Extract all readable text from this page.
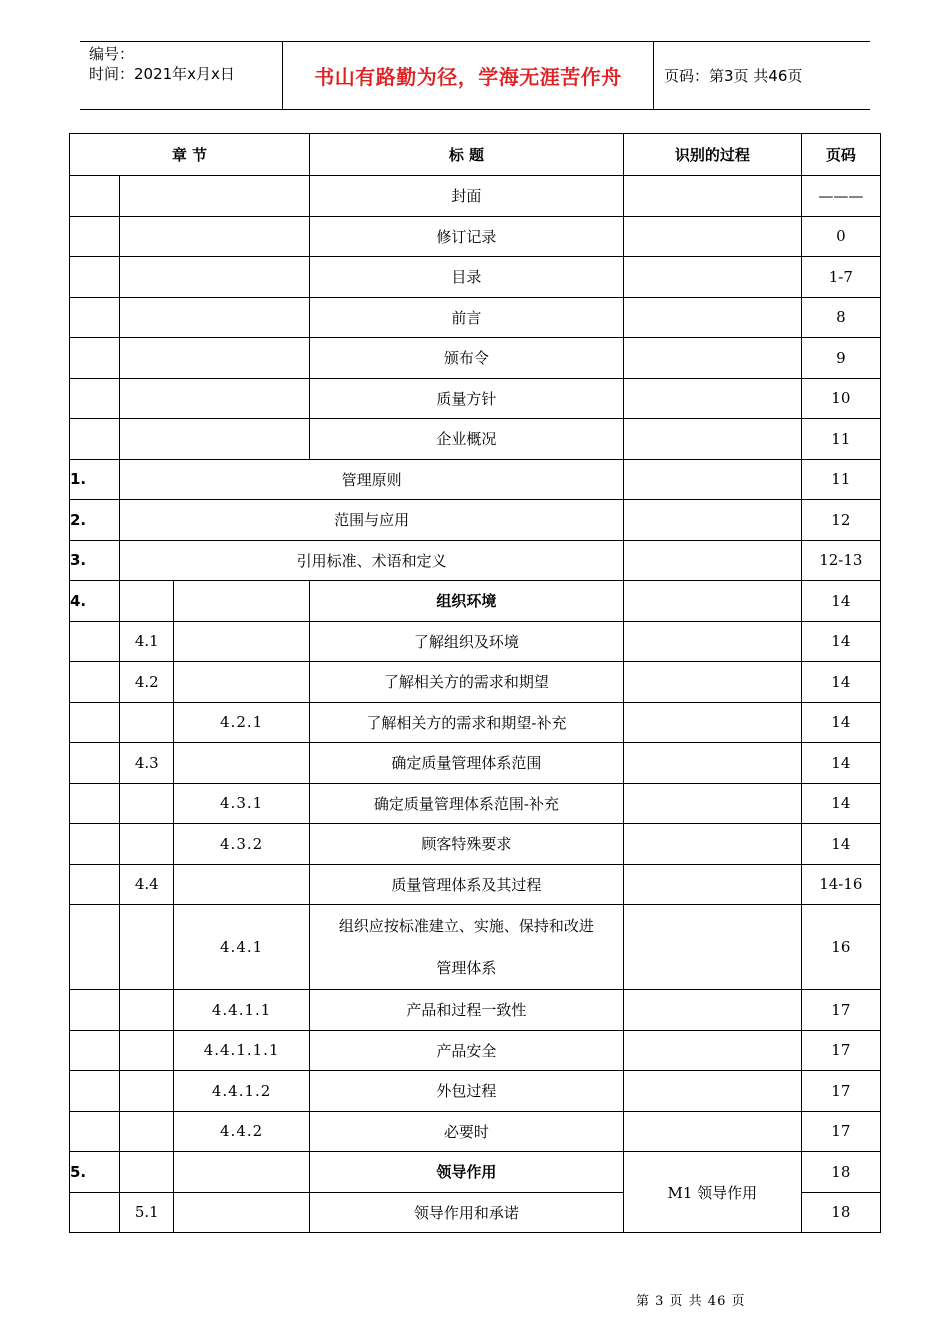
编号：
时间：2021年x月x日	书山有路勤为径，学海无涯苦作舟	页码：第3页 共46页
章 节			标 题	识别的过程	页码
			封面		———
			修订记录		0
			目录		1-7
			前言		8
			颁布令		9
			质量方针		10
			企业概况		11
1.	管理原则				11
2.	范围与应用				12
3.	引用标准、术语和定义				12-13
4.			组织环境		14
	4.1		了解组织及环境		14
	4.2		了解相关方的需求和期望		14
		4.2.1	了解相关方的需求和期望-补充		14
	4.3		确定质量管理体系范围		14
		4.3.1	确定质量管理体系范围-补充		14
		4.3.2	顾客特殊要求		14
	4.4		质量管理体系及其过程		14-16
		4.4.1	组织应按标准建立、实施、保持和改进
管理体系		16
		4.4.1.1	产品和过程一致性		17
		4.4.1.1.1	产品安全		17
		4.4.1.2	外包过程		17
		4.4.2	必要时		17
5.			领导作用	M1 领导作用	18
	5.1		领导作用和承诺		18
第 3 页 共 46 页
